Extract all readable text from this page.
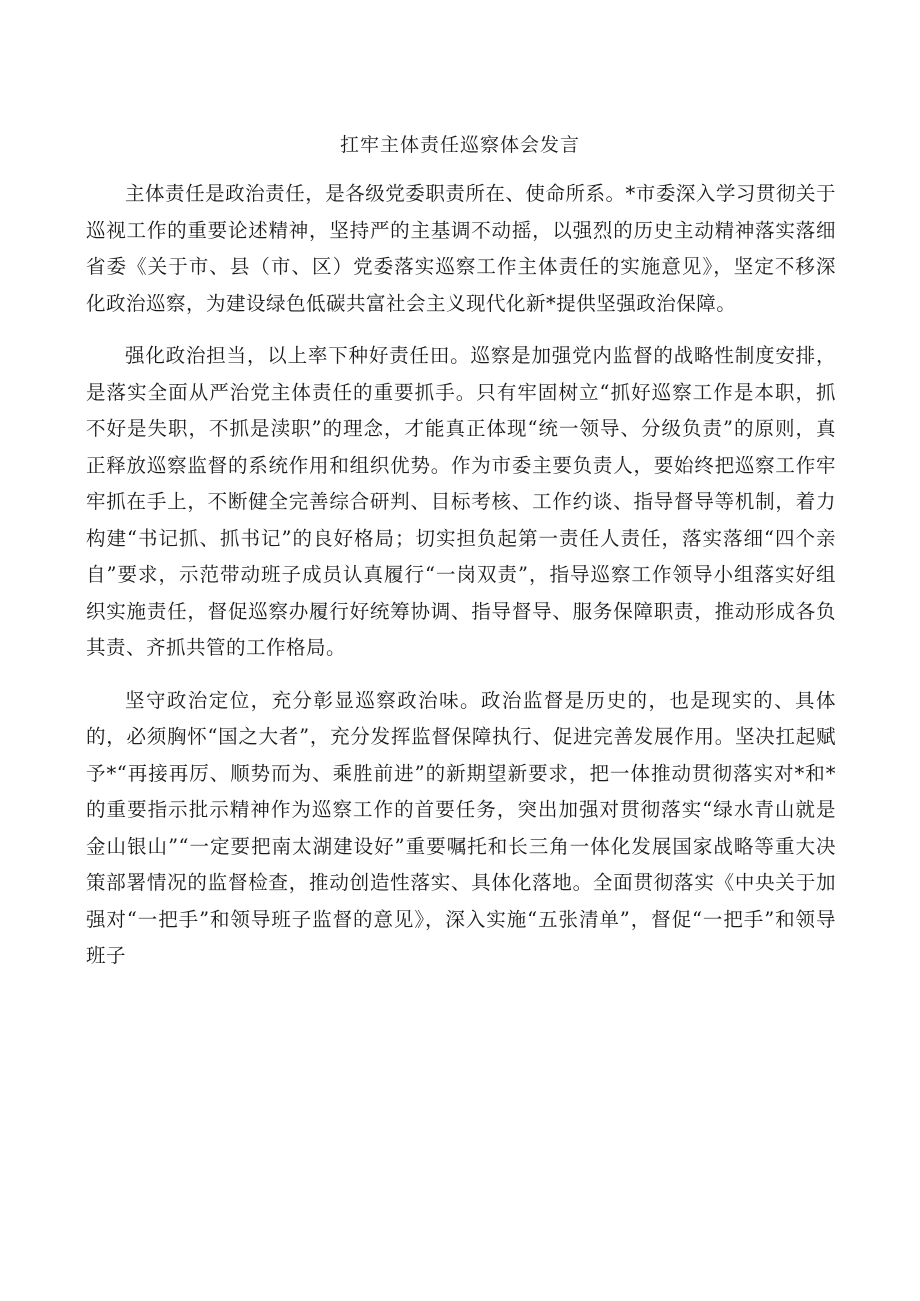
扛牢主体责任巡察体会发言

主体责任是政治责任，是各级党委职责所在、使命所系。*市委深入学习贯彻关于巡视工作的重要论述精神，坚持严的主基调不动摇，以强烈的历史主动精神落实落细省委《关于市、县（市、区）党委落实巡察工作主体责任的实施意见》，坚定不移深化政治巡察，为建设绿色低碳共富社会主义现代化新*提供坚强政治保障。

强化政治担当，以上率下种好责任田。巡察是加强党内监督的战略性制度安排，是落实全面从严治党主体责任的重要抓手。只有牢固树立“抓好巡察工作是本职，抓不好是失职，不抓是渎职”的理念，才能真正体现“统一领导、分级负责”的原则，真正释放巡察监督的系统作用和组织优势。作为市委主要负责人，要始终把巡察工作牢牢抓在手上，不断健全完善综合研判、目标考核、工作约谈、指导督导等机制，着力构建“书记抓、抓书记”的良好格局；切实担负起第一责任人责任，落实落细“四个亲自”要求，示范带动班子成员认真履行“一岗双责”，指导巡察工作领导小组落实好组织实施责任，督促巡察办履行好统筹协调、指导督导、服务保障职责，推动形成各负其责、齐抓共管的工作格局。

坚守政治定位，充分彰显巡察政治味。政治监督是历史的，也是现实的、具体的，必须胸怀“国之大者”，充分发挥监督保障执行、促进完善发展作用。坚决扛起赋予*“再接再厉、顺势而为、乘胜前进”的新期望新要求，把一体推动贯彻落实对*和*的重要指示批示精神作为巡察工作的首要任务，突出加强对贯彻落实“绿水青山就是金山银山”“一定要把南太湖建设好”重要嘱托和长三角一体化发展国家战略等重大决策部署情况的监督检查，推动创造性落实、具体化落地。全面贯彻落实《中央关于加强对“一把手”和领导班子监督的意见》，深入实施“五张清单”，督促“一把手”和领导班子
